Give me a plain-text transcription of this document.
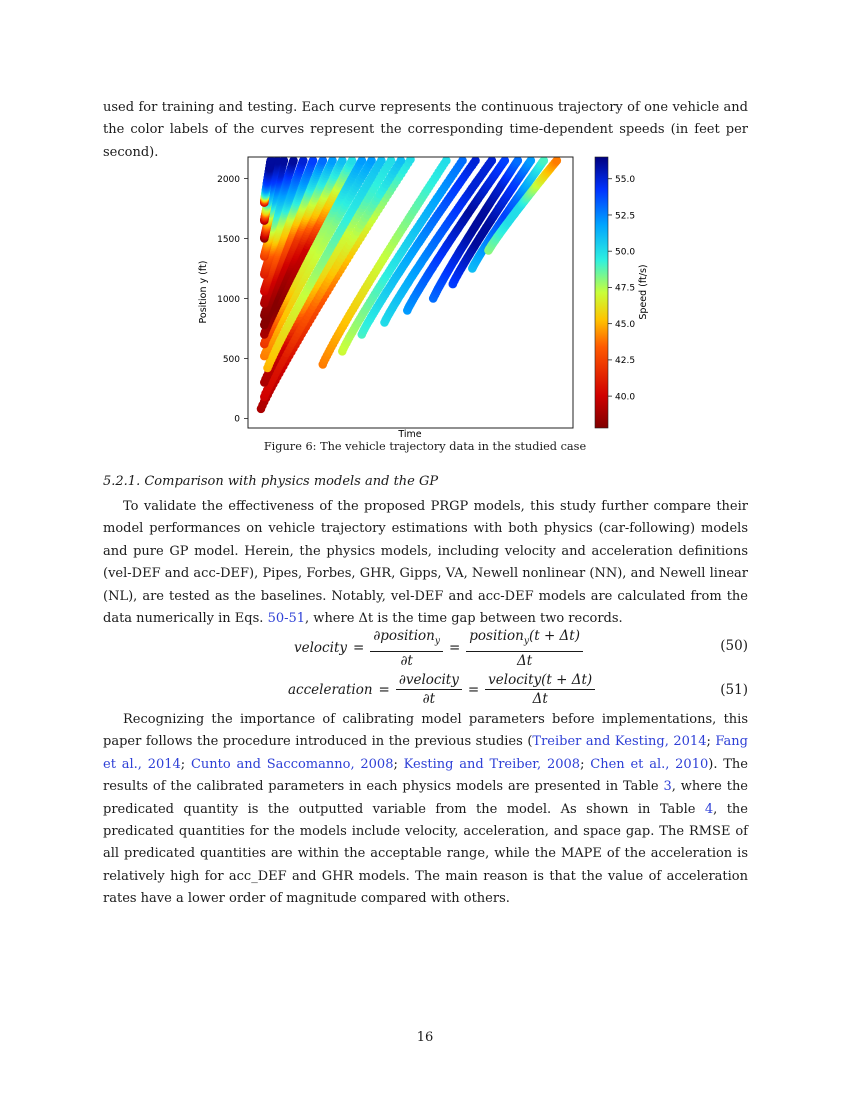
used for training and testing. Each curve represents the continuous trajectory of one vehicle and the color labels of the curves represent the corresponding time-dependent speeds (in feet per second).

0
500
1000
1500
2000
Position y (ft)
Time
40.0
42.5
45.0
47.5
50.0
52.5
55.0
Speed (ft/s)
Figure 6: The vehicle trajectory data in the studied case
5.2.1. Comparison with physics models and the GP

To validate the effectiveness of the proposed PRGP models, this study further compare their model performances on vehicle trajectory estimations with both physics (car-following) models and pure GP model. Herein, the physics models, including velocity and acceleration definitions (vel-DEF and acc-DEF), Pipes, Forbes, GHR, Gipps, VA, Newell nonlinear (NN), and Newell linear (NL), are tested as the baselines. Notably, vel-DEF and acc-DEF models are calculated from the data numerically in Eqs. 50-51, where Δt is the time gap between two records.

velocity = $\frac{\partial position_y}{\partial t} = \frac{position_y(t + \Delta t)}{\Delta t}$	(50)
acceleration = $\frac{\text{∂velocity}}{\partial t} = \frac{\text{velocity(t + Δt)}}{\Delta t}$	(51)

Recognizing the importance of calibrating model parameters before implementations, this paper follows the procedure introduced in the previous studies (Treiber and Kesting, 2014; Fang et al., 2014; Cunto and Saccomanno, 2008; Kesting and Treiber, 2008; Chen et al., 2010). The results of the calibrated parameters in each physics models are presented in Table 3, where the predicated quantity is the outputted variable from the model. As shown in Table 4, the predicated quantities for the models include velocity, acceleration, and space gap. The RMSE of all predicated quantities are within the acceptable range, while the MAPE of the acceleration is relatively high for acc_DEF and GHR models. The main reason is that the value of acceleration rates have a lower order of magnitude compared with others.

16
